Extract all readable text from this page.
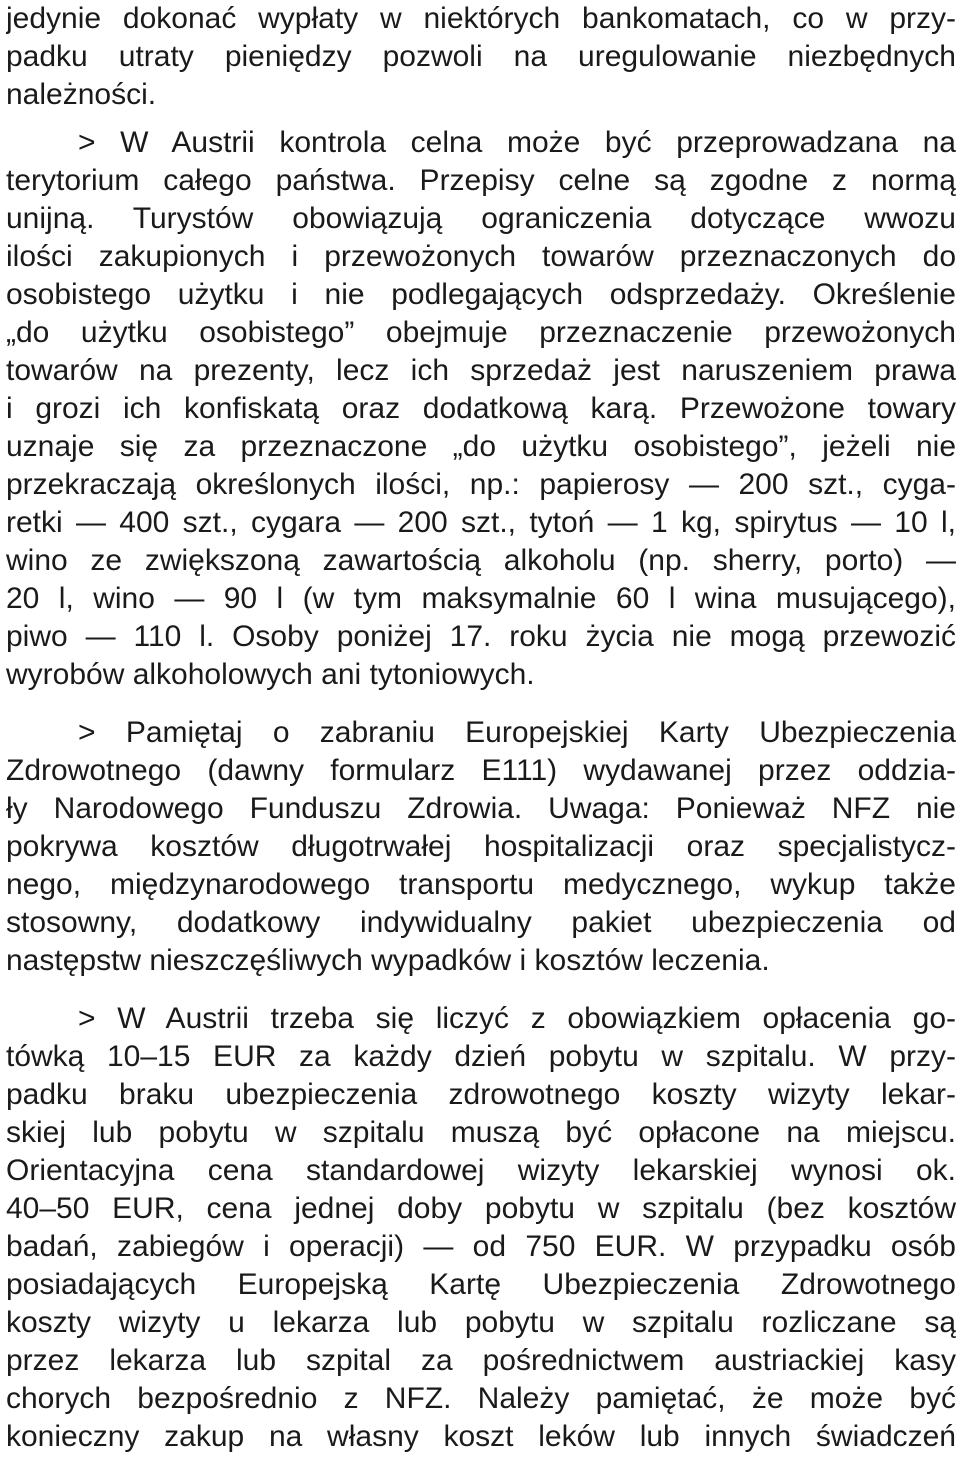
jedynie dokonać wypłaty w niektórych bankomatach, co w przy-
padku utraty pieniędzy pozwoli na uregulowanie niezbędnych
należności.
> W Austrii kontrola celna może być przeprowadzana na
terytorium całego państwa. Przepisy celne są zgodne z normą
unijną. Turystów obowiązują ograniczenia dotyczące wwozu
ilości zakupionych i przewożonych towarów przeznaczonych do
osobistego użytku i nie podlegających odsprzedaży. Określenie
„do użytku osobistego” obejmuje przeznaczenie przewożonych
towarów na prezenty, lecz ich sprzedaż jest naruszeniem prawa
i grozi ich konfiskatą oraz dodatkową karą. Przewożone towary
uznaje się za przeznaczone „do użytku osobistego”, jeżeli nie
przekraczają określonych ilości, np.: papierosy — 200 szt., cyga-
retki — 400 szt., cygara — 200 szt., tytoń — 1 kg, spirytus — 10 l,
wino ze zwiększoną zawartością alkoholu (np. sherry, porto) —
20 l, wino — 90 l (w tym maksymalnie 60 l wina musującego),
piwo — 110 l. Osoby poniżej 17. roku życia nie mogą przewozić
wyrobów alkoholowych ani tytoniowych.
> Pamiętaj o zabraniu Europejskiej Karty Ubezpieczenia
Zdrowotnego (dawny formularz E111) wydawanej przez oddzia-
ły Narodowego Funduszu Zdrowia. Uwaga: Ponieważ NFZ nie
pokrywa kosztów długotrwałej hospitalizacji oraz specjalistycz-
nego, międzynarodowego transportu medycznego, wykup także
stosowny, dodatkowy indywidualny pakiet ubezpieczenia od
następstw nieszczęśliwych wypadków i kosztów leczenia.
> W Austrii trzeba się liczyć z obowiązkiem opłacenia go-
tówką 10–15 EUR za każdy dzień pobytu w szpitalu. W przy-
padku braku ubezpieczenia zdrowotnego koszty wizyty lekar-
skiej lub pobytu w szpitalu muszą być opłacone na miejscu.
Orientacyjna cena standardowej wizyty lekarskiej wynosi ok.
40–50 EUR, cena jednej doby pobytu w szpitalu (bez kosztów
badań, zabiegów i operacji) — od 750 EUR. W przypadku osób
posiadających Europejską Kartę Ubezpieczenia Zdrowotnego
koszty wizyty u lekarza lub pobytu w szpitalu rozliczane są
przez lekarza lub szpital za pośrednictwem austriackiej kasy
chorych bezpośrednio z NFZ. Należy pamiętać, że może być
konieczny zakup na własny koszt leków lub innych świadczeń
